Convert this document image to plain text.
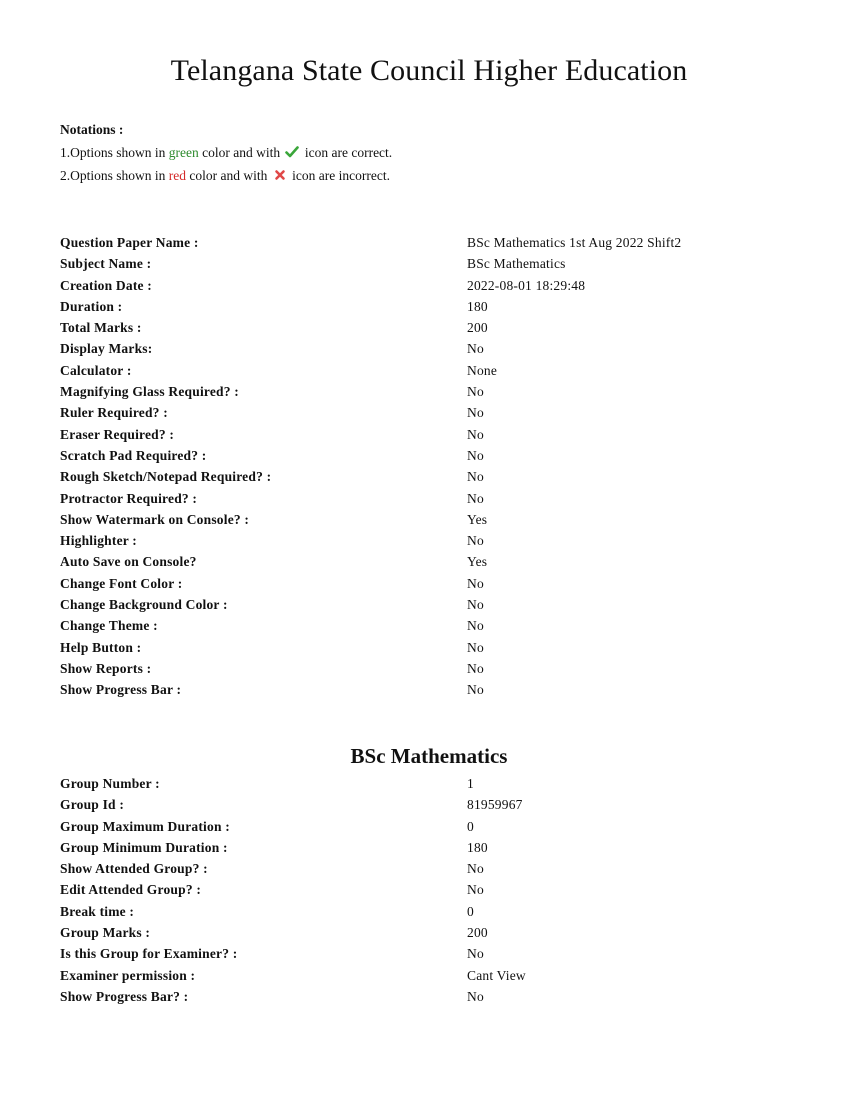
Telangana State Council Higher Education
Notations :
1.Options shown in green color and with  icon are correct.
2.Options shown in red color and with  icon are incorrect.
Question Paper Name :	BSc Mathematics 1st Aug 2022 Shift2
Subject Name :	BSc Mathematics
Creation Date :	2022-08-01 18:29:48
Duration :	180
Total Marks :	200
Display Marks:	No
Calculator :	None
Magnifying Glass Required? :	No
Ruler Required? :	No
Eraser Required? :	No
Scratch Pad Required? :	No
Rough Sketch/Notepad Required? :	No
Protractor Required? :	No
Show Watermark on Console? :	Yes
Highlighter :	No
Auto Save on Console?	Yes
Change Font Color :	No
Change Background Color :	No
Change Theme :	No
Help Button :	No
Show Reports :	No
Show Progress Bar :	No
BSc Mathematics
Group Number :	1
Group Id :	81959967
Group Maximum Duration :	0
Group Minimum Duration :	180
Show Attended Group? :	No
Edit Attended Group? :	No
Break time :	0
Group Marks :	200
Is this Group for Examiner? :	No
Examiner permission :	Cant View
Show Progress Bar? :	No
